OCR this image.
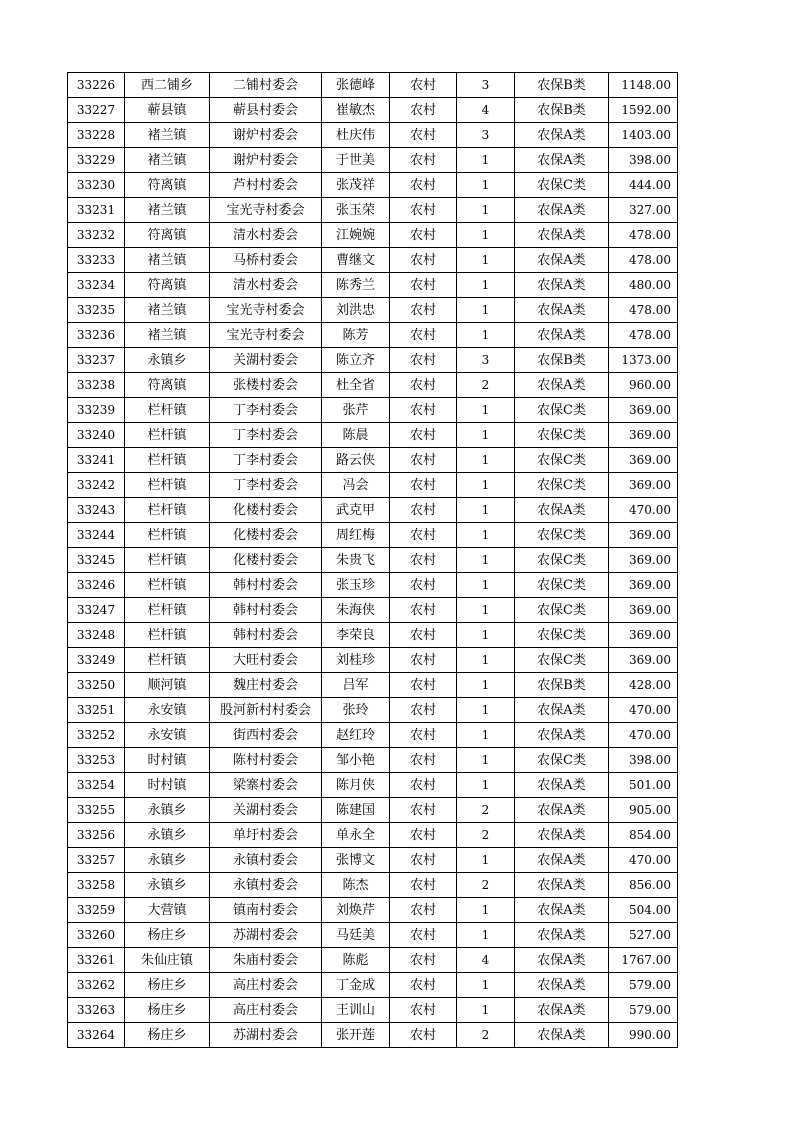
33226	西二铺乡	二铺村委会	张德峰	农村	3	农保B类	1148.00
33227	蕲县镇	蕲县村委会	崔敏杰	农村	4	农保B类	1592.00
33228	褚兰镇	谢炉村委会	杜庆伟	农村	3	农保A类	1403.00
33229	褚兰镇	谢炉村委会	于世美	农村	1	农保A类	398.00
33230	符离镇	芦村村委会	张茂祥	农村	1	农保C类	444.00
33231	褚兰镇	宝光寺村委会	张玉荣	农村	1	农保A类	327.00
33232	符离镇	清水村委会	江婉婉	农村	1	农保A类	478.00
33233	褚兰镇	马桥村委会	曹继文	农村	1	农保A类	478.00
33234	符离镇	清水村委会	陈秀兰	农村	1	农保A类	480.00
33235	褚兰镇	宝光寺村委会	刘洪忠	农村	1	农保A类	478.00
33236	褚兰镇	宝光寺村委会	陈芳	农村	1	农保A类	478.00
33237	永镇乡	关湖村委会	陈立齐	农村	3	农保B类	1373.00
33238	符离镇	张楼村委会	杜全省	农村	2	农保A类	960.00
33239	栏杆镇	丁李村委会	张芹	农村	1	农保C类	369.00
33240	栏杆镇	丁李村委会	陈晨	农村	1	农保C类	369.00
33241	栏杆镇	丁李村委会	路云侠	农村	1	农保C类	369.00
33242	栏杆镇	丁李村委会	冯会	农村	1	农保C类	369.00
33243	栏杆镇	化楼村委会	武克甲	农村	1	农保A类	470.00
33244	栏杆镇	化楼村委会	周红梅	农村	1	农保C类	369.00
33245	栏杆镇	化楼村委会	朱贵飞	农村	1	农保C类	369.00
33246	栏杆镇	韩村村委会	张玉珍	农村	1	农保C类	369.00
33247	栏杆镇	韩村村委会	朱海侠	农村	1	农保C类	369.00
33248	栏杆镇	韩村村委会	李荣良	农村	1	农保C类	369.00
33249	栏杆镇	大旺村委会	刘桂珍	农村	1	农保C类	369.00
33250	顺河镇	魏庄村委会	吕军	农村	1	农保B类	428.00
33251	永安镇	股河新村村委会	张玲	农村	1	农保A类	470.00
33252	永安镇	街西村委会	赵红玲	农村	1	农保A类	470.00
33253	时村镇	陈村村委会	邹小艳	农村	1	农保C类	398.00
33254	时村镇	梁寨村委会	陈月侠	农村	1	农保A类	501.00
33255	永镇乡	关湖村委会	陈建国	农村	2	农保A类	905.00
33256	永镇乡	单圩村委会	单永全	农村	2	农保A类	854.00
33257	永镇乡	永镇村委会	张博文	农村	1	农保A类	470.00
33258	永镇乡	永镇村委会	陈杰	农村	2	农保A类	856.00
33259	大营镇	镇南村委会	刘焕芹	农村	1	农保A类	504.00
33260	杨庄乡	苏湖村委会	马廷美	农村	1	农保A类	527.00
33261	朱仙庄镇	朱庙村委会	陈彪	农村	4	农保A类	1767.00
33262	杨庄乡	高庄村委会	丁金成	农村	1	农保A类	579.00
33263	杨庄乡	高庄村委会	王训山	农村	1	农保A类	579.00
33264	杨庄乡	苏湖村委会	张开莲	农村	2	农保A类	990.00
